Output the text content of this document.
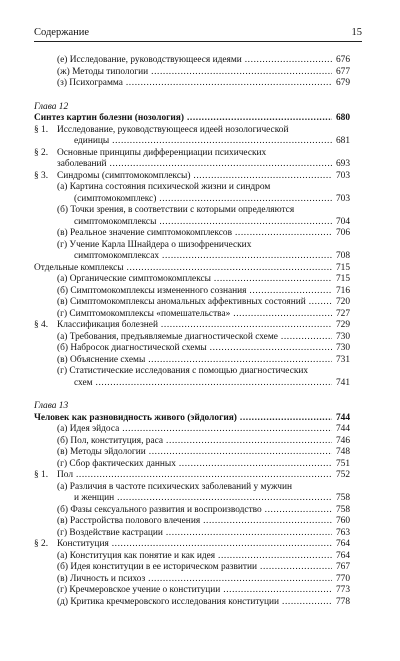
Содержание	15
(е) Исследование, руководствующееся идеями .....	676
(ж) Методы типологии .....	677
(з) Психограмма .....	679
Глава 12
Синтез картин болезни (нозология) .....	680
§ 1. Исследование, руководствующееся идеей нозологической
единицы .....	681
§ 2. Основные принципы дифференциации психических
заболеваний .....	693
§ 3. Синдромы (симптомокомплексы) .....	703
(а) Картина состояния психической жизни и синдром
(симптомокомплекс) .....	703
(б) Точки зрения, в соответствии с которыми определяются
симптомокомплексы .....	704
(в) Реальное значение симптомокомплексов .....	706
(г) Учение Карла Шнайдера о шизофренических
симптомокомплексах .....	708
Отдельные комплексы .....	715
(а) Органические симптомокомплексы .....	715
(б) Симптомокомплексы измененного сознания .....	716
(в) Симптомокомплексы аномальных аффективных состояний .....	720
(г) Симптомокомплексы «помешательства» .....	727
§ 4. Классификация болезней .....	729
(а) Требования, предъявляемые диагностической схеме .....	730
(б) Набросок диагностической схемы .....	730
(в) Объяснение схемы .....	731
(г) Статистические исследования с помощью диагностических
схем .....	741
Глава 13
Человек как разновидность живого (эйдология) .....	744
(а) Идея эйдоса .....	744
(б) Пол, конституция, раса .....	746
(в) Методы эйдологии .....	748
(г) Сбор фактических данных .....	751
§ 1. Пол .....	752
(а) Различия в частоте психических заболеваний у мужчин
и женщин .....	758
(б) Фазы сексуального развития и воспроизводство .....	758
(в) Расстройства полового влечения .....	760
(г) Воздействие кастрации .....	763
§ 2. Конституция .....	764
(а) Конституция как понятие и как идея .....	764
(б) Идея конституции в ее историческом развитии .....	767
(в) Личность и психоз .....	770
(г) Кречмеровское учение о конституции .....	773
(д) Критика кречмеровского исследования конституции .....	778
